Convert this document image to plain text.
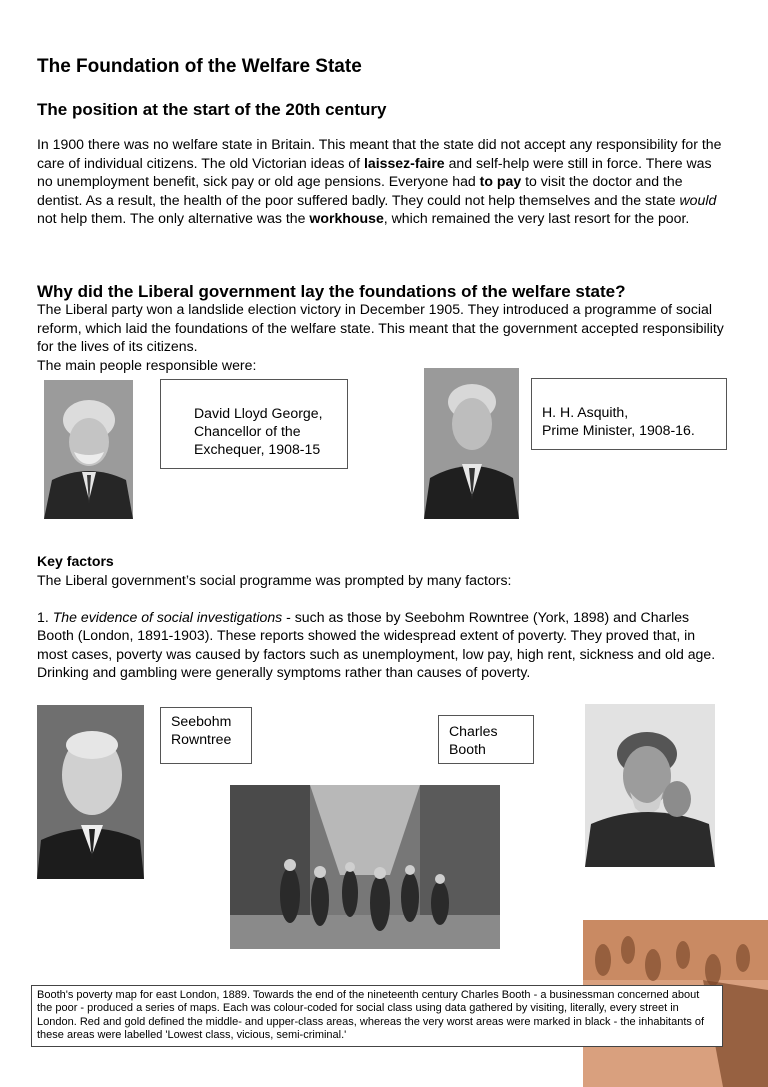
The Foundation of the Welfare State
The position at the start of the 20th century
In 1900 there was no welfare state in Britain. This meant that the state did not accept any responsibility for the care of individual citizens. The old Victorian ideas of laissez-faire and self-help were still in force. There was no unemployment benefit, sick pay or old age pensions. Everyone had to pay to visit the doctor and the dentist. As a result, the health of the poor suffered badly. They could not help themselves and the state would not help them. The only alternative was the workhouse, which remained the very last resort for the poor.
Why did the Liberal government lay the foundations of the welfare state?

The Liberal party won a landslide election victory in December 1905. They introduced a programme of social reform, which laid the foundations of the welfare state. This meant that the government accepted responsibility for the lives of its citizens.

The main people responsible were:

David Lloyd George,
Chancellor of the
Exchequer, 1908-15
H. H. Asquith,
Prime Minister, 1908-16.

Key factors

The Liberal government’s social programme was prompted by many factors:

1. The evidence of social investigations - such as those by Seebohm Rowntree (York, 1898) and Charles Booth (London, 1891-1903). These reports showed the widespread extent of poverty. They proved that, in most cases, poverty was caused by factors such as unemployment, low pay, high rent, sickness and old age. Drinking and gambling were generally symptoms rather than causes of poverty.

Seebohm
Rowntree	Charles
Booth
Booth's poverty map for east London, 1889. Towards the end of the nineteenth century Charles Booth - a businessman concerned about the poor - produced a series of maps. Each was colour-coded for social class using data gathered by visiting, literally, every street in London. Red and gold defined the middle- and upper-class areas, whereas the very worst areas were marked in black - the inhabitants of these areas were labelled 'Lowest class, vicious, semi-criminal.'
